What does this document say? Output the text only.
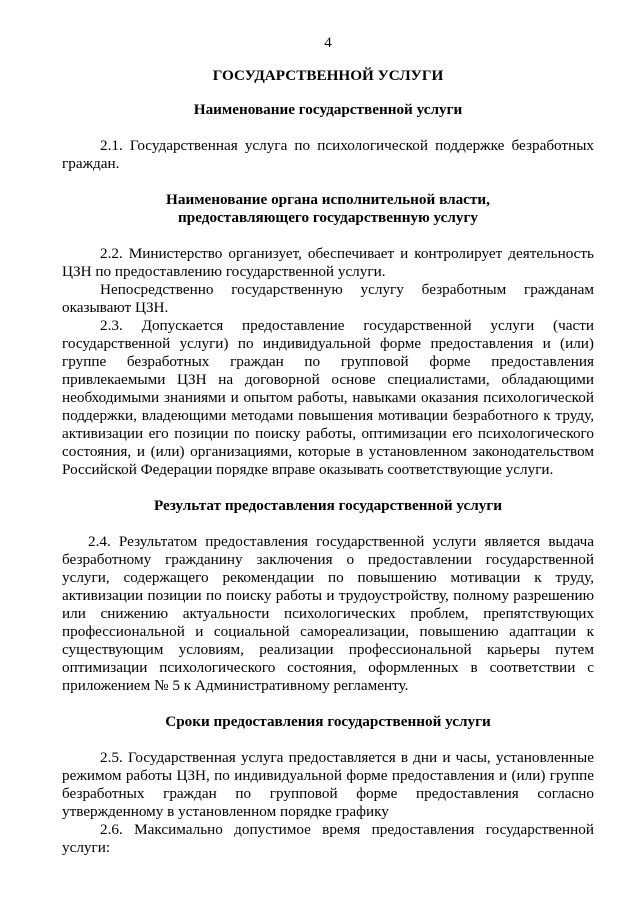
4
ГОСУДАРСТВЕННОЙ УСЛУГИ
Наименование государственной услуги

2.1. Государственная услуга по психологической поддержке безработных граждан.

Наименование органа исполнительной власти,
предоставляющего государственную услугу

2.2. Министерство организует, обеспечивает и контролирует деятельность ЦЗН по предоставлению государственной услуги.

Непосредственно государственную услугу безработным гражданам оказывают ЦЗН.

2.3. Допускается предоставление государственной услуги (части государственной услуги) по индивидуальной форме предоставления и (или) группе безработных граждан по групповой форме предоставления привлекаемыми ЦЗН на договорной основе специалистами, обладающими необходимыми знаниями и опытом работы, навыками оказания психологической поддержки, владеющими методами повышения мотивации безработного к труду, активизации его позиции по поиску работы, оптимизации его психологического состояния, и (или) организациями, которые в установленном законодательством Российской Федерации порядке вправе оказывать соответствующие услуги.

Результат предоставления государственной услуги

2.4. Результатом предоставления государственной услуги является выдача безработному гражданину заключения о предоставлении государственной услуги, содержащего рекомендации по повышению мотивации к труду, активизации позиции по поиску работы и трудоустройству, полному разрешению или снижению актуальности психологических проблем, препятствующих профессиональной и социальной самореализации, повышению адаптации к существующим условиям, реализации профессиональной карьеры путем оптимизации психологического состояния, оформленных в соответствии с приложением № 5 к Административному регламенту.

Сроки предоставления государственной услуги

2.5. Государственная услуга предоставляется в дни и часы, установленные режимом работы ЦЗН, по индивидуальной форме предоставления и (или) группе безработных граждан по групповой форме предоставления согласно утвержденному в установленном порядке графику

2.6. Максимально допустимое время предоставления государственной услуги:
